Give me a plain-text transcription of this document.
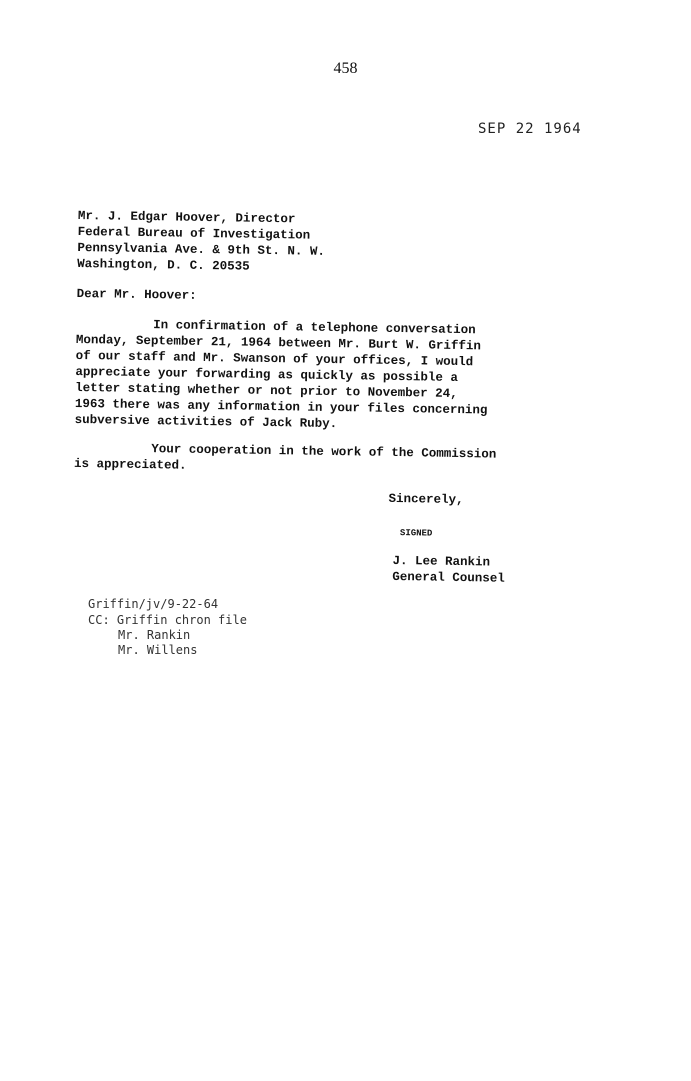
458
SEP 22 1964
Mr. J. Edgar Hoover, Director
Federal Bureau of Investigation
Pennsylvania Ave. & 9th St. N. W.
Washington, D. C. 20535
Dear Mr. Hoover:
In confirmation of a telephone conversation
Monday, September 21, 1964 between Mr. Burt W. Griffin
of our staff and Mr. Swanson of your offices, I would
appreciate your forwarding as quickly as possible a
letter stating whether or not prior to November 24,
1963 there was any information in your files concerning
subversive activities of Jack Ruby.
Your cooperation in the work of the Commission
is appreciated.
Sincerely,
SIGNED
J. Lee Rankin
General Counsel
Griffin/jv/9-22-64
CC: Griffin chron file
Mr. Rankin
Mr. Willens
